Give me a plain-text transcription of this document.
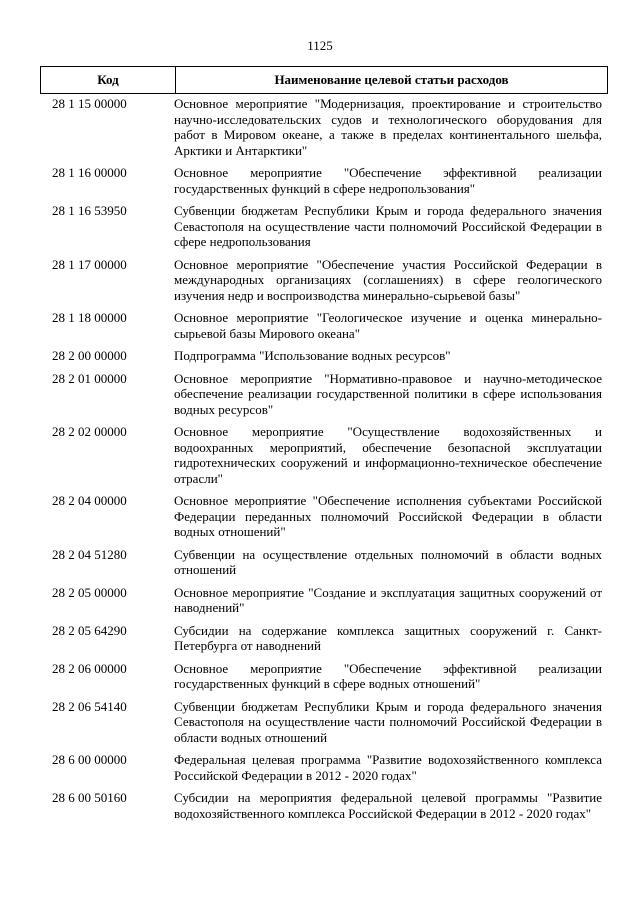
1125
Код	Наименование целевой статьи расходов
28 1 15 00000	Основное мероприятие "Модернизация, проектирование и строительство научно-исследовательских судов и технологического оборудования для работ в Мировом океане, а также в пределах континентального шельфа, Арктики и Антарктики"
28 1 16 00000	Основное мероприятие "Обеспечение эффективной реализации государственных функций в сфере недропользования"
28 1 16 53950	Субвенции бюджетам Республики Крым и города федерального значения Севастополя на осуществление части полномочий Российской Федерации в сфере недропользования
28 1 17 00000	Основное мероприятие "Обеспечение участия Российской Федерации в международных организациях (соглашениях) в сфере геологического изучения недр и воспроизводства минерально-сырьевой базы"
28 1 18 00000	Основное мероприятие "Геологическое изучение и оценка минерально-сырьевой базы Мирового океана"
28 2 00 00000	Подпрограмма "Использование водных ресурсов"
28 2 01 00000	Основное мероприятие "Нормативно-правовое и научно-методическое обеспечение реализации государственной политики в сфере использования водных ресурсов"
28 2 02 00000	Основное мероприятие "Осуществление водохозяйственных и водоохранных мероприятий, обеспечение безопасной эксплуатации гидротехнических сооружений и информационно-техническое обеспечение отрасли"
28 2 04 00000	Основное мероприятие "Обеспечение исполнения субъектами Российской Федерации переданных полномочий Российской Федерации в области водных отношений"
28 2 04 51280	Субвенции на осуществление отдельных полномочий в области водных отношений
28 2 05 00000	Основное мероприятие "Создание и эксплуатация защитных сооружений от наводнений"
28 2 05 64290	Субсидии на содержание комплекса защитных сооружений г. Санкт-Петербурга от наводнений
28 2 06 00000	Основное мероприятие "Обеспечение эффективной реализации государственных функций в сфере водных отношений"
28 2 06 54140	Субвенции бюджетам Республики Крым и города федерального значения Севастополя на осуществление части полномочий Российской Федерации в области водных отношений
28 6 00 00000	Федеральная целевая программа "Развитие водохозяйственного комплекса Российской Федерации в 2012 - 2020 годах"
28 6 00 50160	Субсидии на мероприятия федеральной целевой программы "Развитие водохозяйственного комплекса Российской Федерации в 2012 - 2020 годах"
